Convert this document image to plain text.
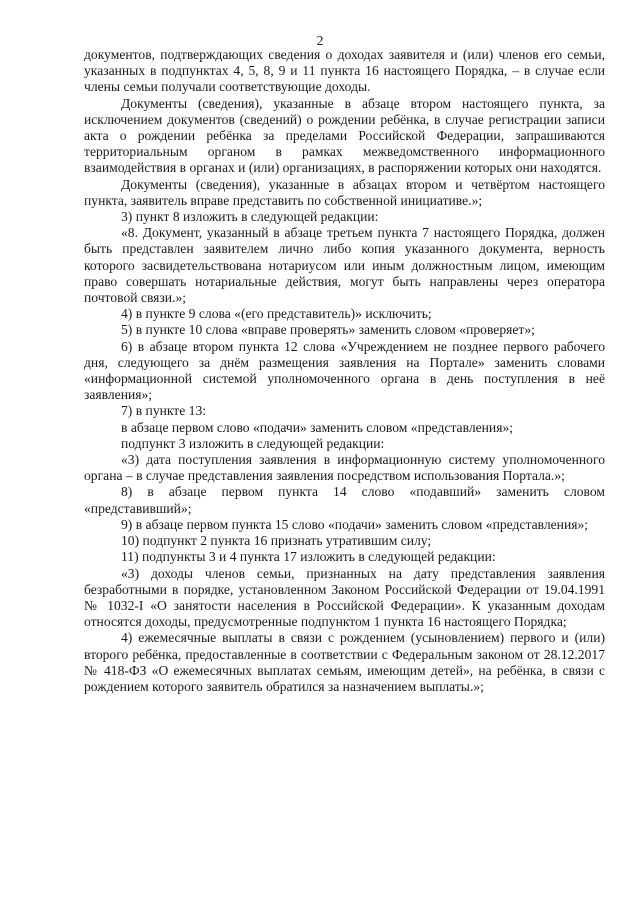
2

документов, подтверждающих сведения о доходах заявителя и (или) членов его семьи, указанных в подпунктах 4, 5, 8, 9 и 11 пункта 16 настоящего Порядка, – в случае если члены семьи получали соответствующие доходы.

Документы (сведения), указанные в абзаце втором настоящего пункта, за исключением документов (сведений) о рождении ребёнка, в случае регистрации записи акта о рождении ребёнка за пределами Российской Федерации, запрашиваются территориальным органом в рамках межведомственного информационного взаимодействия в органах и (или) организациях, в распоряжении которых они находятся.

Документы (сведения), указанные в абзацах втором и четвёртом настоящего пункта, заявитель вправе представить по собственной инициативе.»;

3) пункт 8 изложить в следующей редакции:

«8. Документ, указанный в абзаце третьем пункта 7 настоящего Порядка, должен быть представлен заявителем лично либо копия указанного документа, верность которого засвидетельствована нотариусом или иным должностным лицом, имеющим право совершать нотариальные действия, могут быть направлены через оператора почтовой связи.»;

4) в пункте 9 слова «(его представитель)» исключить;

5) в пункте 10 слова «вправе проверять» заменить словом «проверяет»;

6) в абзаце втором пункта 12 слова «Учреждением не позднее первого рабочего дня, следующего за днём размещения заявления на Портале» заменить словами «информационной системой уполномоченного органа в день поступления в неё заявления»;

7) в пункте 13:

в абзаце первом слово «подачи» заменить словом «представления»;

подпункт 3 изложить в следующей редакции:

«3) дата поступления заявления в информационную систему уполномоченного органа – в случае представления заявления посредством использования Портала.»;

8) в абзаце первом пункта 14 слово «подавший» заменить словом «представивший»;

9) в абзаце первом пункта 15 слово «подачи» заменить словом «представления»;

10) подпункт 2 пункта 16 признать утратившим силу;

11) подпункты 3 и 4 пункта 17 изложить в следующей редакции:

«3) доходы членов семьи, признанных на дату представления заявления безработными в порядке, установленном Законом Российской Федерации от 19.04.1991 № 1032-I «О занятости населения в Российской Федерации». К указанным доходам относятся доходы, предусмотренные подпунктом 1 пункта 16 настоящего Порядка;

4) ежемесячные выплаты в связи с рождением (усыновлением) первого и (или) второго ребёнка, предоставленные в соответствии с Федеральным законом от 28.12.2017 № 418-ФЗ «О ежемесячных выплатах семьям, имеющим детей», на ребёнка, в связи с рождением которого заявитель обратился за назначением выплаты.»;
